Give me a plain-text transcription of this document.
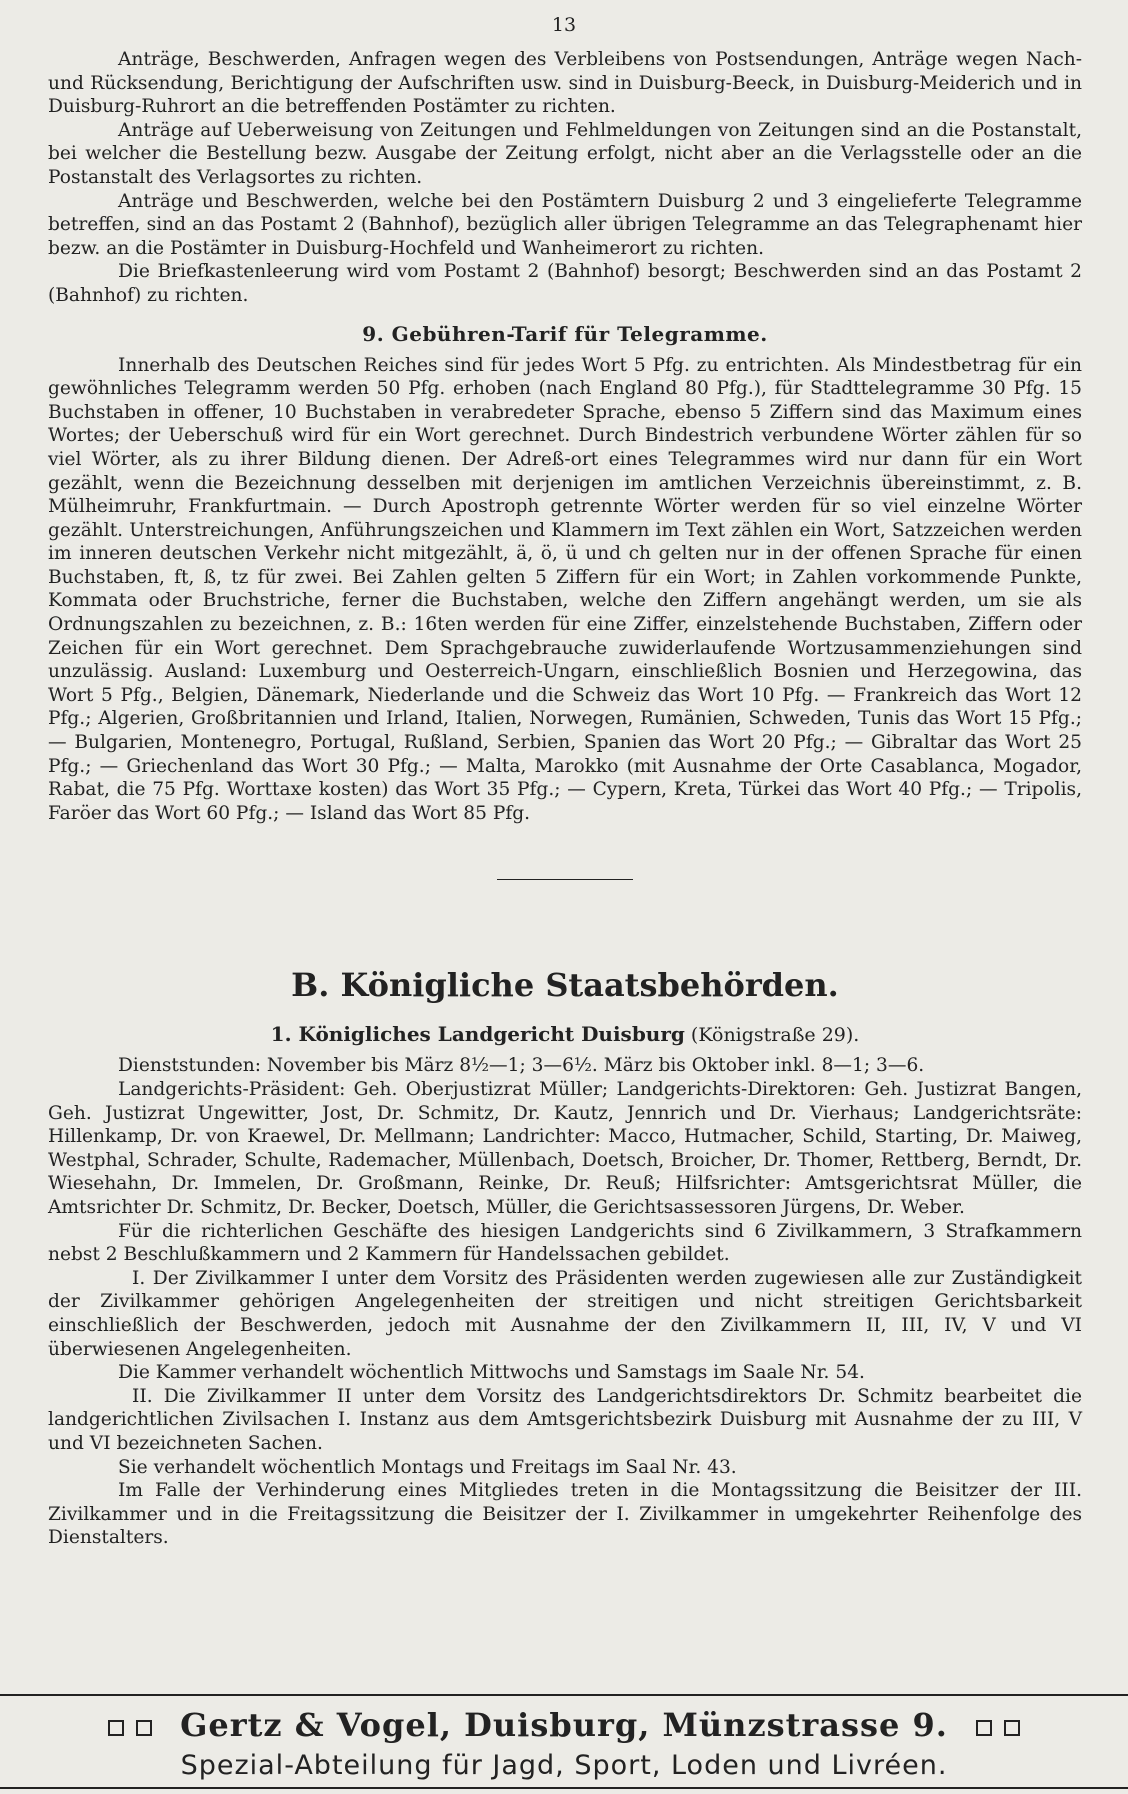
13

Anträge, Beschwerden, Anfragen wegen des Verbleibens von Postsendungen, Anträge wegen Nach- und Rücksendung, Berichtigung der Aufschriften usw. sind in Duisburg-Beeck, in Duisburg-Meiderich und in Duisburg-Ruhrort an die betreffenden Postämter zu richten.

Anträge auf Ueberweisung von Zeitungen und Fehlmeldungen von Zeitungen sind an die Postanstalt, bei welcher die Bestellung bezw. Ausgabe der Zeitung erfolgt, nicht aber an die Verlagsstelle oder an die Postanstalt des Verlagsortes zu richten.

Anträge und Beschwerden, welche bei den Postämtern Duisburg 2 und 3 eingelieferte Telegramme betreffen, sind an das Postamt 2 (Bahnhof), bezüglich aller übrigen Telegramme an das Telegraphenamt hier bezw. an die Postämter in Duisburg-Hochfeld und Wanheimerort zu richten.

Die Briefkastenleerung wird vom Postamt 2 (Bahnhof) besorgt; Beschwerden sind an das Postamt 2 (Bahnhof) zu richten.

9. Gebühren-Tarif für Telegramme.

Innerhalb des Deutschen Reiches sind für jedes Wort 5 Pfg. zu entrichten. Als Mindestbetrag für ein gewöhnliches Telegramm werden 50 Pfg. erhoben (nach England 80 Pfg.), für Stadttelegramme 30 Pfg. 15 Buchstaben in offener, 10 Buchstaben in verabredeter Sprache, ebenso 5 Ziffern sind das Maximum eines Wortes; der Ueberschuß wird für ein Wort gerechnet. Durch Bindestrich verbundene Wörter zählen für so viel Wörter, als zu ihrer Bildung dienen. Der Adreß-ort eines Telegrammes wird nur dann für ein Wort gezählt, wenn die Bezeichnung desselben mit derjenigen im amtlichen Verzeichnis übereinstimmt, z. B. Mülheimruhr, Frankfurtmain. — Durch Apostroph getrennte Wörter werden für so viel einzelne Wörter gezählt. Unterstreichungen, Anführungszeichen und Klammern im Text zählen ein Wort, Satzzeichen werden im inneren deutschen Verkehr nicht mitgezählt, ä, ö, ü und ch gelten nur in der offenen Sprache für einen Buchstaben, ft, ß, tz für zwei. Bei Zahlen gelten 5 Ziffern für ein Wort; in Zahlen vorkommende Punkte, Kommata oder Bruchstriche, ferner die Buchstaben, welche den Ziffern angehängt werden, um sie als Ordnungszahlen zu bezeichnen, z. B.: 16ten werden für eine Ziffer, einzelstehende Buchstaben, Ziffern oder Zeichen für ein Wort gerechnet. Dem Sprachgebrauche zuwiderlaufende Wortzusammenziehungen sind unzulässig. Ausland: Luxemburg und Oesterreich-Ungarn, einschließlich Bosnien und Herzegowina, das Wort 5 Pfg., Belgien, Dänemark, Niederlande und die Schweiz das Wort 10 Pfg. — Frankreich das Wort 12 Pfg.; Algerien, Großbritannien und Irland, Italien, Norwegen, Rumänien, Schweden, Tunis das Wort 15 Pfg.; — Bulgarien, Montenegro, Portugal, Rußland, Serbien, Spanien das Wort 20 Pfg.; — Gibraltar das Wort 25 Pfg.; — Griechenland das Wort 30 Pfg.; — Malta, Marokko (mit Ausnahme der Orte Casablanca, Mogador, Rabat, die 75 Pfg. Worttaxe kosten) das Wort 35 Pfg.; — Cypern, Kreta, Türkei das Wort 40 Pfg.; — Tripolis, Faröer das Wort 60 Pfg.; — Island das Wort 85 Pfg.

B. Königliche Staatsbehörden.
1. Königliches Landgericht Duisburg (Königstraße 29).

Dienststunden: November bis März 8½—1; 3—6½. März bis Oktober inkl. 8—1; 3—6.

Landgerichts-Präsident: Geh. Oberjustizrat Müller; Landgerichts-Direktoren: Geh. Justizrat Bangen, Geh. Justizrat Ungewitter, Jost, Dr. Schmitz, Dr. Kautz, Jennrich und Dr. Vierhaus; Landgerichtsräte: Hillenkamp, Dr. von Kraewel, Dr. Mellmann; Landrichter: Macco, Hutmacher, Schild, Starting, Dr. Maiweg, Westphal, Schrader, Schulte, Rademacher, Müllenbach, Doetsch, Broicher, Dr. Thomer, Rettberg, Berndt, Dr. Wiesehahn, Dr. Immelen, Dr. Großmann, Reinke, Dr. Reuß; Hilfsrichter: Amtsgerichtsrat Müller, die Amtsrichter Dr. Schmitz, Dr. Becker, Doetsch, Müller, die Gerichtsassessoren Jürgens, Dr. Weber.

Für die richterlichen Geschäfte des hiesigen Landgerichts sind 6 Zivilkammern, 3 Strafkammern nebst 2 Beschlußkammern und 2 Kammern für Handelssachen gebildet.

I. Der Zivilkammer I unter dem Vorsitz des Präsidenten werden zugewiesen alle zur Zuständigkeit der Zivilkammer gehörigen Angelegenheiten der streitigen und nicht streitigen Gerichtsbarkeit einschließlich der Beschwerden, jedoch mit Ausnahme der den Zivilkammern II, III, IV, V und VI überwiesenen Angelegenheiten.

Die Kammer verhandelt wöchentlich Mittwochs und Samstags im Saale Nr. 54.

II. Die Zivilkammer II unter dem Vorsitz des Landgerichtsdirektors Dr. Schmitz bearbeitet die landgerichtlichen Zivilsachen I. Instanz aus dem Amtsgerichtsbezirk Duisburg mit Ausnahme der zu III, V und VI bezeichneten Sachen.

Sie verhandelt wöchentlich Montags und Freitags im Saal Nr. 43.

Im Falle der Verhinderung eines Mitgliedes treten in die Montagssitzung die Beisitzer der III. Zivilkammer und in die Freitagssitzung die Beisitzer der I. Zivilkammer in umgekehrter Reihenfolge des Dienstalters.

Gertz & Vogel, Duisburg, Münzstrasse 9.
Spezial-Abteilung für Jagd, Sport, Loden und Livréen.
